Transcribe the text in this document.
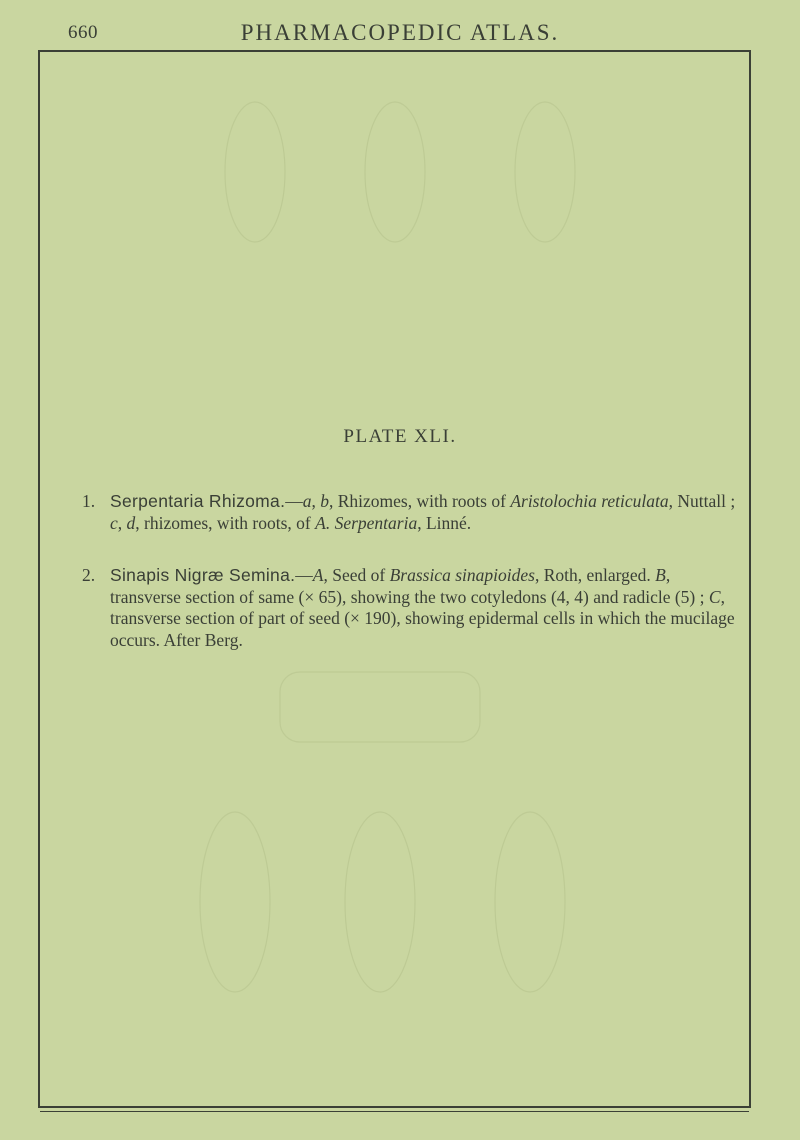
660	PHARMACOPEDIC ATLAS.
PLATE XLI.
1. Serpentaria Rhizoma.—a, b, Rhizomes, with roots of Aristolochia reticulata, Nuttall ; c, d, rhizomes, with roots, of A. Serpentaria, Linné.
2. Sinapis Nigræ Semina.—A, Seed of Brassica sinapioides, Roth, enlarged. B, transverse section of same (× 65), showing the two cotyledons (4, 4) and radicle (5) ; C, transverse section of part of seed (× 190), showing epidermal cells in which the mucilage occurs. After Berg.
